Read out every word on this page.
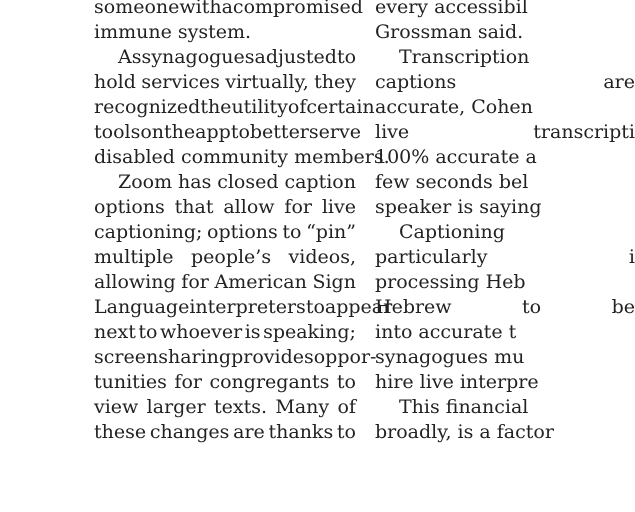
someone with a compromised
immune system.
As synagogues adjusted to
hold services virtually, they
recognized the utility of certain
tools on the app to better serve
disabled community members.
Zoom has closed caption
options that allow for live
captioning; options to “pin”
multiple people’s videos,
allowing for American Sign
Language interpreters to appear
next to whoever is speaking;
screen sharing provides oppor-
tunities for congregants to
view larger texts. Many of
these changes are thanks to
every accessibil
Grossman said.
Transcription
captions	are
accurate, Cohen
live	transcripti
100% accurate a
few seconds bel
speaker is saying
Captioning
particularly	i
processing Heb
Hebrew	to	be
into accurate t
synagogues mu
hire live interpre
This financial
broadly, is a factor
